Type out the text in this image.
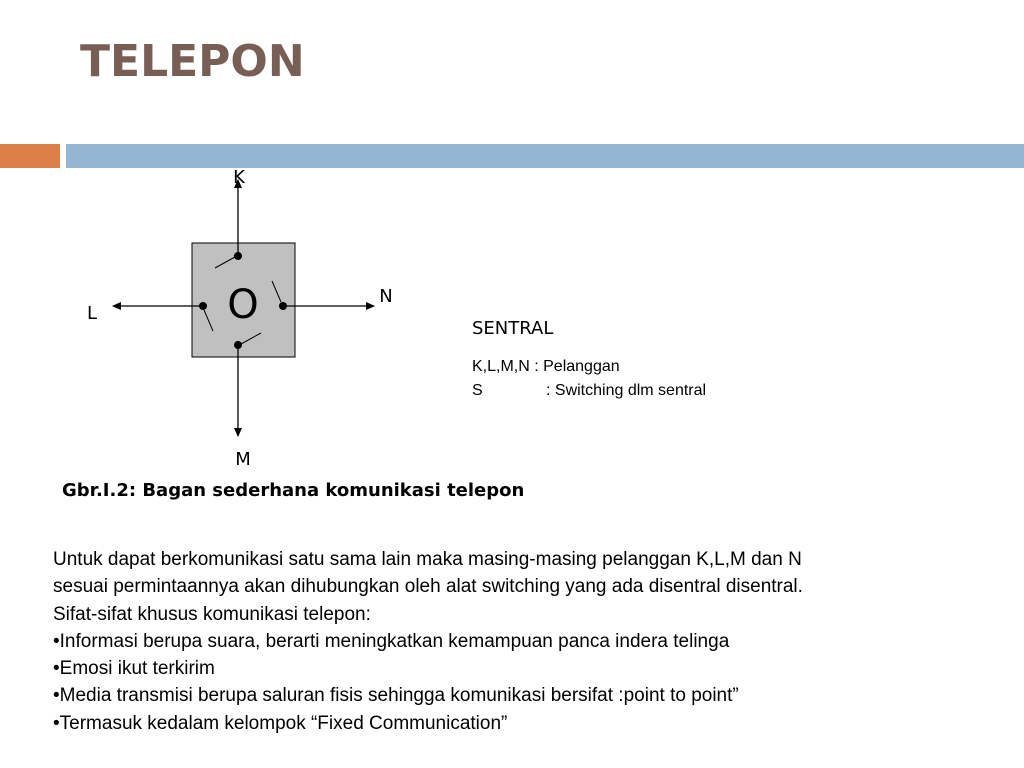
TELEPON
O
K
L
N
M
SENTRAL
K,L,M,N : Pelanggan
S	: Switching dlm sentral
Gbr.I.2: Bagan sederhana komunikasi telepon

Untuk dapat berkomunikasi satu sama lain maka masing-masing pelanggan K,L,M dan N

sesuai permintaannya akan dihubungkan oleh alat switching yang ada disentral disentral.

Sifat-sifat khusus komunikasi telepon:

•Informasi berupa suara, berarti meningkatkan kemampuan panca indera telinga

•Emosi ikut terkirim

•Media transmisi berupa saluran fisis sehingga komunikasi bersifat :point to point”

•Termasuk kedalam kelompok “Fixed Communication”
